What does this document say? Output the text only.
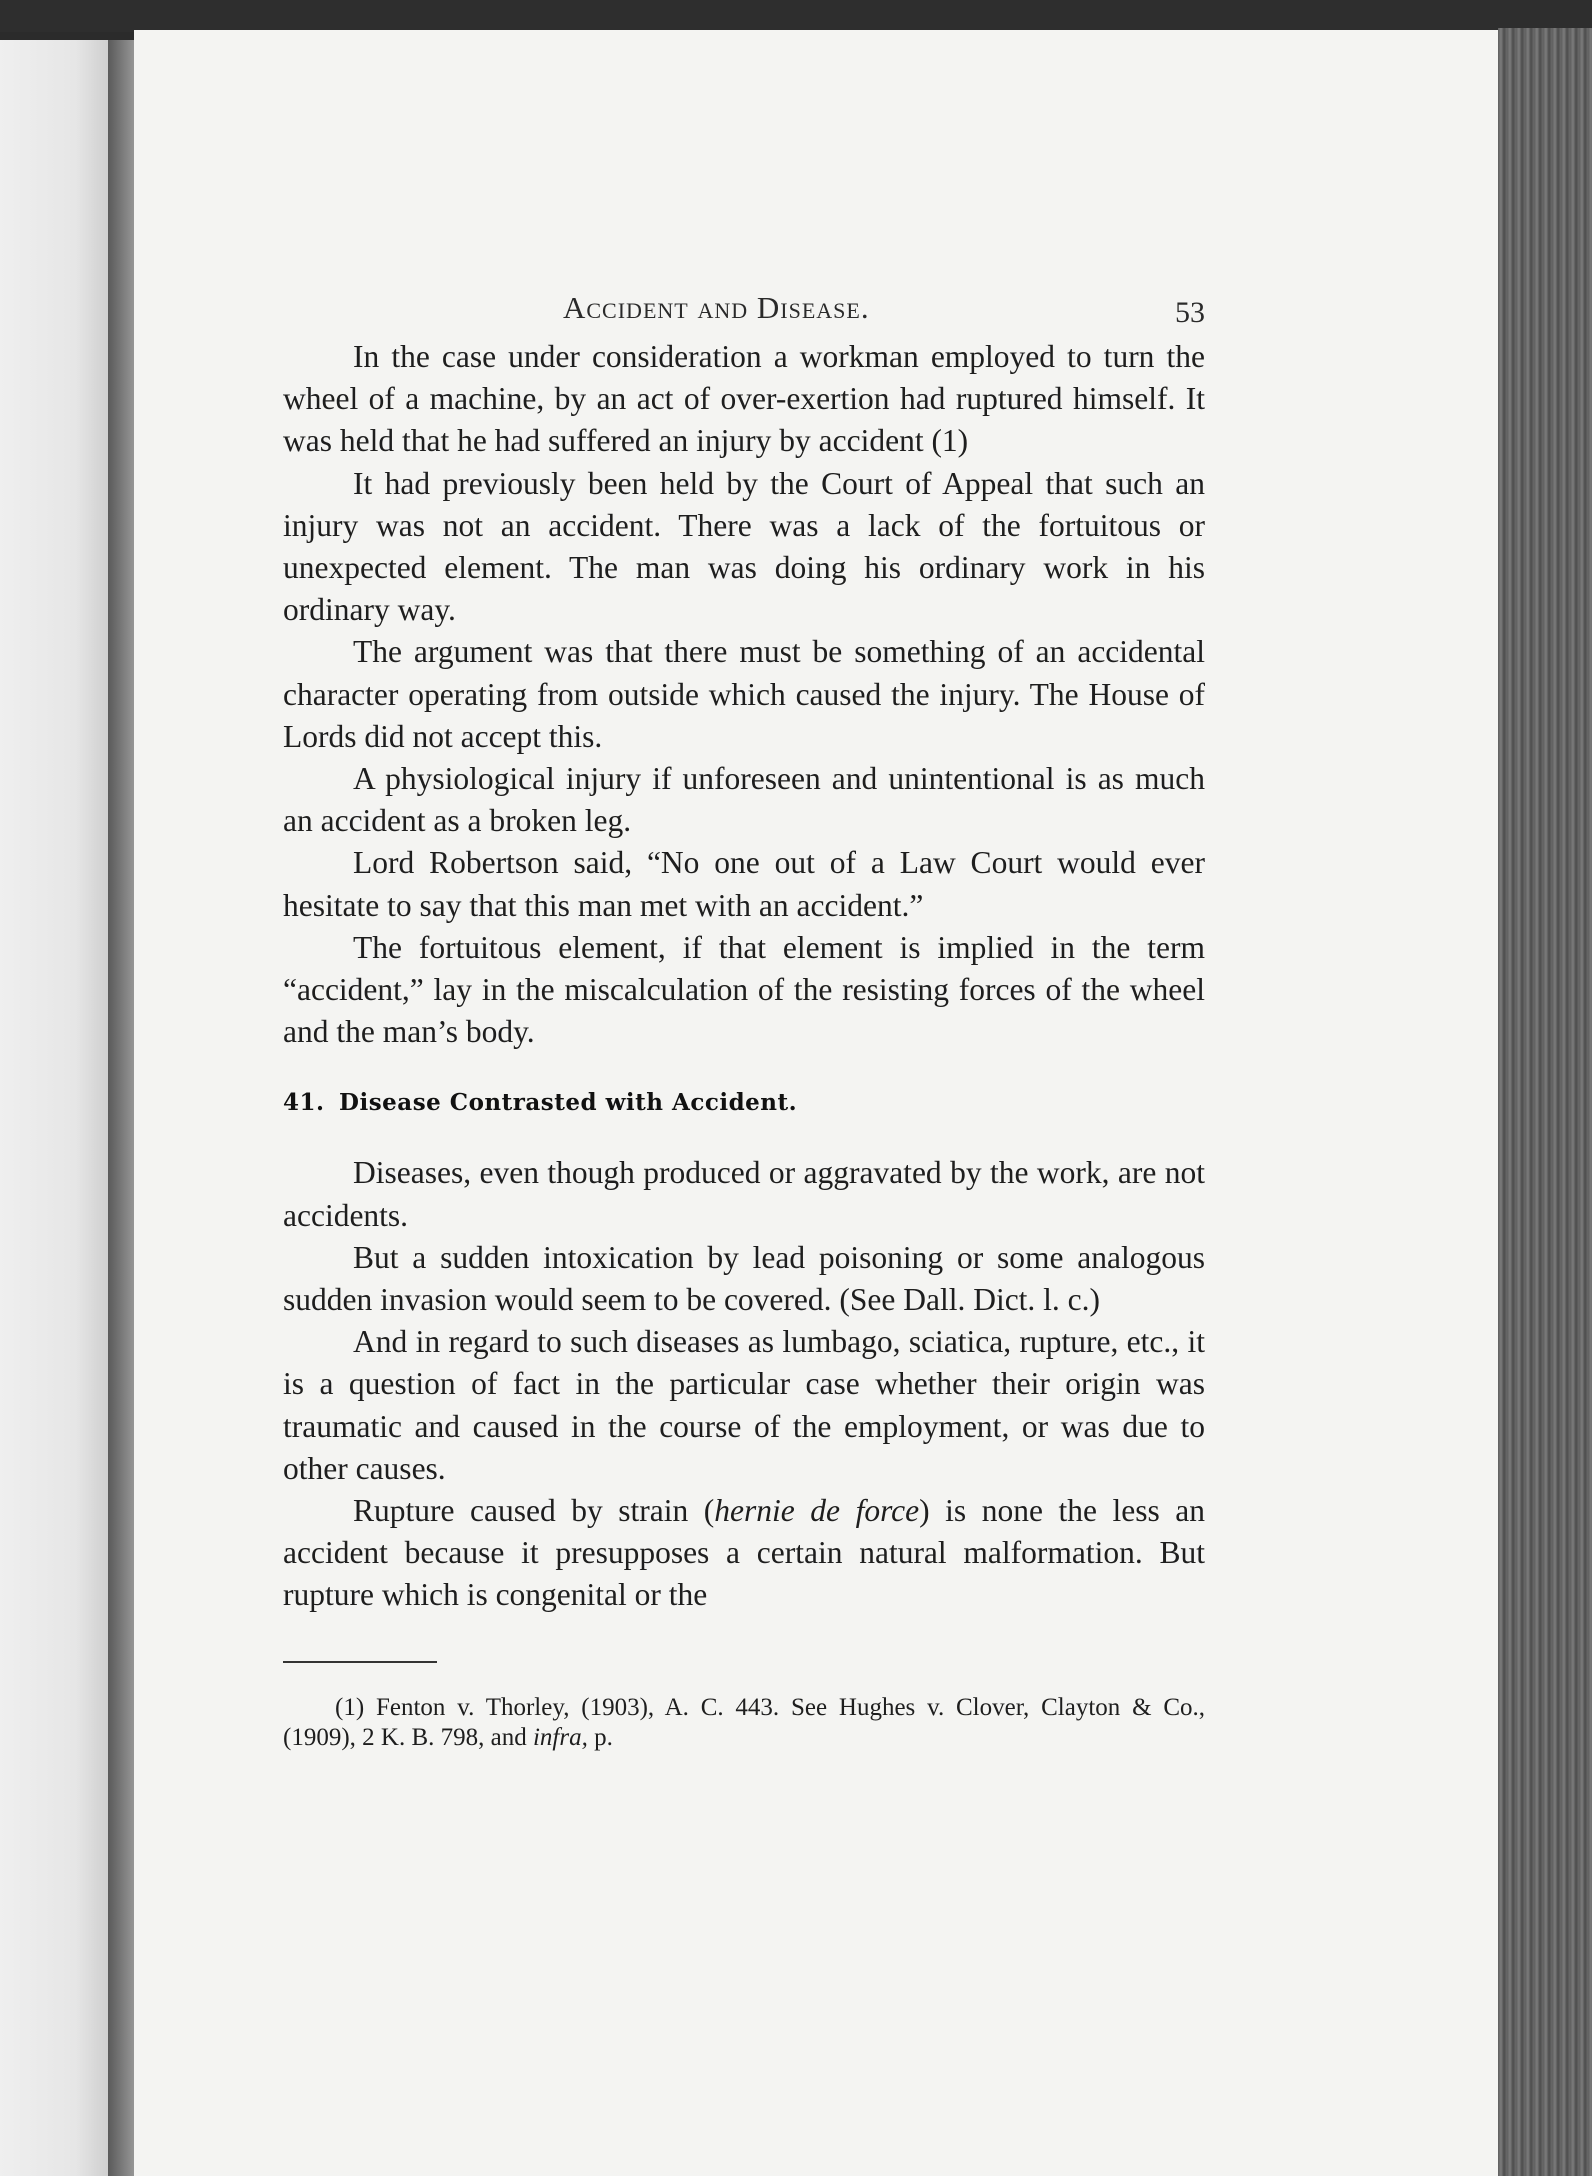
Accident and Disease.	53

In the case under consideration a workman employed to turn the wheel of a machine, by an act of over-exertion had ruptured himself. It was held that he had suffered an injury by accident (1)

It had previously been held by the Court of Appeal that such an injury was not an accident. There was a lack of the fortuitous or unexpected element. The man was doing his ordinary work in his ordinary way.

The argument was that there must be something of an accidental character operating from outside which caused the injury. The House of Lords did not accept this.

A physiological injury if unforeseen and unintentional is as much an accident as a broken leg.

Lord Robertson said, “No one out of a Law Court would ever hesitate to say that this man met with an accident.”

The fortuitous element, if that element is implied in the term “accident,” lay in the miscalculation of the resisting forces of the wheel and the man’s body.

41. Disease Contrasted with Accident.

Diseases, even though produced or aggravated by the work, are not accidents.

But a sudden intoxication by lead poisoning or some analogous sudden invasion would seem to be covered. (See Dall. Dict. l. c.)

And in regard to such diseases as lumbago, sciatica, rupture, etc., it is a question of fact in the particular case whether their origin was traumatic and caused in the course of the employment, or was due to other causes.

Rupture caused by strain (hernie de force) is none the less an accident because it presupposes a certain natural malformation. But rupture which is congenital or the

(1) Fenton v. Thorley, (1903), A. C. 443. See Hughes v. Clover, Clayton & Co., (1909), 2 K. B. 798, and infra, p.
